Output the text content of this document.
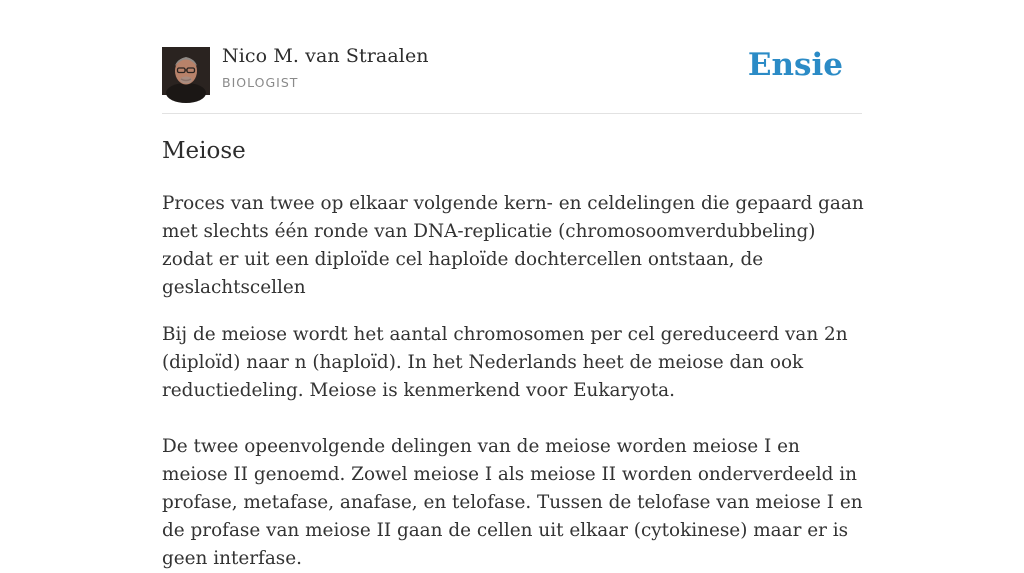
Nico M. van Straalen
BIOLOGIST	Ensie
Meiose

Proces van twee op elkaar volgende kern- en celdelingen die gepaard gaan met slechts één ronde van DNA-replicatie (chromosoomverdubbeling) zodat er uit een diploïde cel haploïde dochtercellen ontstaan, de geslachtscellen

Bij de meiose wordt het aantal chromosomen per cel gereduceerd van 2n (diploïd) naar n (haploïd). In het Nederlands heet de meiose dan ook reductiedeling. Meiose is kenmerkend voor Eukaryota.

De twee opeenvolgende delingen van de meiose worden meiose I en meiose II genoemd. Zowel meiose I als meiose II worden onderverdeeld in profase, metafase, anafase, en telofase. Tussen de telofase van meiose I en de profase van meiose II gaan de cellen uit elkaar (cytokinese) maar er is geen interfase.
